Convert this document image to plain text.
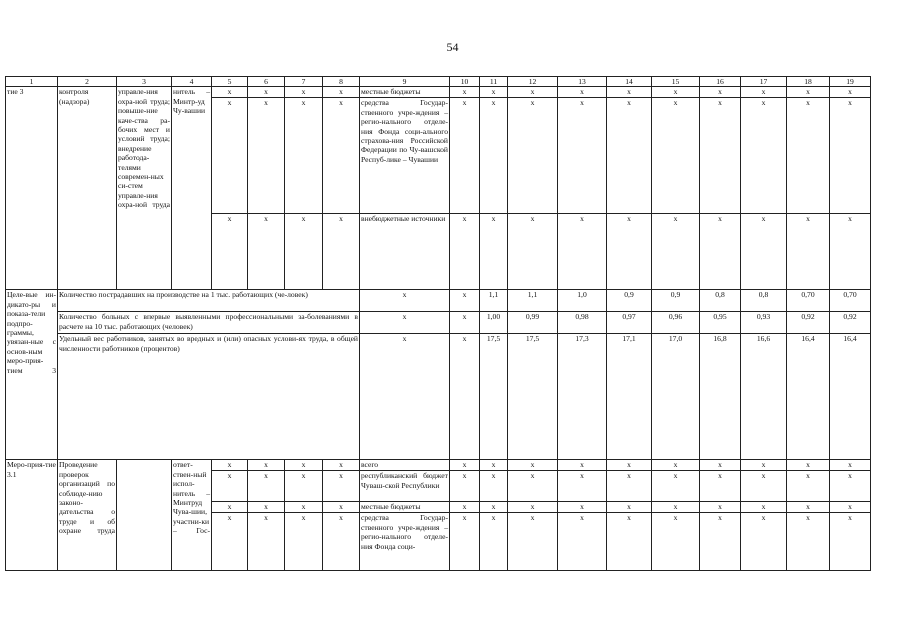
54
1	2	3	4	5	6	7	8	9	10	11	12	13	14	15	16	17	18	19
тие 3	контроля (надзора)	управле-ния охра-ной труда; повыше-ние каче-ства ра-бочих мест и условий труда; внедрение работода-телями современ-ных си-стем управле-ния охра-ной труда	нитель – Минтр-уд Чу-вашии	x	x	x	x	местные бюджеты	x	x	x	x	x	x	x	x	x	x
				x	x	x	x	средства Государ-ственного учре-ждения – регио-нального отделе-ния Фонда соци-ального страхова-ния Российской Федерации по Чу-вашской Респуб-лике – Чувашии	x	x	x	x	x	x	x	x	x	x
				x	x	x	x	внебюджетные источники	x	x	x	x	x	x	x	x	x	x
Целе-вые ин-дикато-ры и показа-тели подпро-граммы, увязан-ные с основ-ным меро-прия-тием 3	Количество пострадавших на производстве на 1 тыс. работающих (че-ловек)							x	x	1,1	1,1	1,0	0,9	0,9	0,8	0,8	0,70	0,70
	Количество больных с впервые выявленными профессиональными за-болеваниями в расчете на 10 тыс. работающих (человек)							x	x	1,00	0,99	0,98	0,97	0,96	0,95	0,93	0,92	0,92
	Удельный вес работников, занятых во вредных и (или) опасных услови-ях труда, в общей численности работников (процентов)							x	x	17,5	17,5	17,3	17,1	17,0	16,8	16,6	16,4	16,4
Меро-прия-тие 3.1	Проведение проверок организаций по соблюде-нию законо-дательства о труде и об охране труда		ответ-ствен-ный испол-нитель – Минтруд Чува-шии, участни-ки – Гос-	x	x	x	x	всего	x	x	x	x	x	x	x	x	x	x
				x	x	x	x	республиканский бюджет Чуваш-ской Республики	x	x	x	x	x	x	x	x	x	x
				x	x	x	x	местные бюджеты	x	x	x	x	x	x	x	x	x	x
				x	x	x	x	средства Государ-ственного учре-ждения – регио-нального отделе-ния Фонда соци-	x	x	x	x	x	x	x	x	x	x
